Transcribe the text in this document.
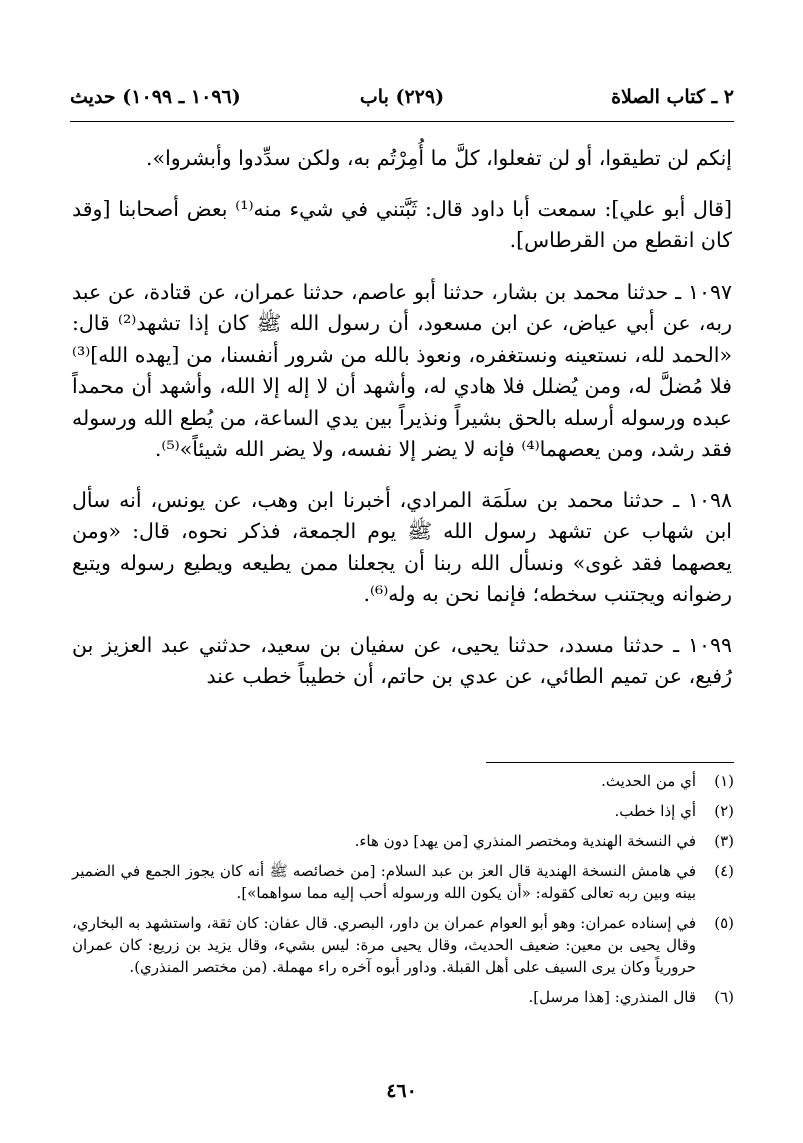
٢ ـ كتاب الصلاة
(٢٢٩) باب
(١٠٩٦ ـ ١٠٩٩) حديث

إنكم لن تطيقوا، أو لن تفعلوا، كلَّ ما أُمِرْتُم به، ولكن سدِّدوا وأبشروا».

[قال أبو علي]: سمعت أبا داود قال: ثَبَّتني في شيء منه⁽¹⁾ بعض أصحابنا [وقد كان انقطع من القرطاس].

١٠٩٧ ـ حدثنا محمد بن بشار، حدثنا أبو عاصم، حدثنا عمران، عن قتادة، عن عبد ربه، عن أبي عياض، عن ابن مسعود، أن رسول الله ﷺ كان إذا تشهد⁽²⁾ قال: «الحمد لله، نستعينه ونستغفره، ونعوذ بالله من شرور أنفسنا، من [يهده الله]⁽³⁾ فلا مُضلَّ له، ومن يُضلل فلا هادي له، وأشهد أن لا إله إلا الله، وأشهد أن محمداً عبده ورسوله أرسله بالحق بشيراً ونذيراً بين يدي الساعة، من يُطع الله ورسوله فقد رشد، ومن يعصهما⁽⁴⁾ فإنه لا يضر إلا نفسه، ولا يضر الله شيئاً»⁽⁵⁾.

١٠٩٨ ـ حدثنا محمد بن سلَمَة المرادي، أخبرنا ابن وهب، عن يونس، أنه سأل ابن شهاب عن تشهد رسول الله ﷺ يوم الجمعة، فذكر نحوه، قال: «ومن يعصهما فقد غوى» ونسأل الله ربنا أن يجعلنا ممن يطيعه ويطيع رسوله ويتبع رضوانه ويجتنب سخطه؛ فإنما نحن به وله⁽⁶⁾.

١٠٩٩ ـ حدثنا مسدد، حدثنا يحيى، عن سفيان بن سعيد، حدثني عبد العزيز بن رُفيع، عن تميم الطائي، عن عدي بن حاتم، أن خطيباً خطب عند

(١)
أي من الحديث.
(٢)
أي إذا خطب.
(٣)
في النسخة الهندية ومختصر المنذري [من يهد] دون هاء.
(٤)
في هامش النسخة الهندية قال العز بن عبد السلام: [من خصائصه ﷺ أنه كان يجوز الجمع في الضمير بينه وبين ربه تعالى كقوله: «أن يكون الله ورسوله أحب إليه مما سواهما»].
(٥)
في إسناده عمران: وهو أبو العوام عمران بن داور، البصري. قال عفان: كان ثقة، واستشهد به البخاري، وقال يحيى بن معين: ضعيف الحديث، وقال يحيى مرة: ليس بشيء، وقال يزيد بن زريع: كان عمران حرورياً وكان يرى السيف على أهل القبلة. وداور أبوه آخره راء مهملة. (من مختصر المنذري).
(٦)
قال المنذري: [هذا مرسل].
٤٦٠
